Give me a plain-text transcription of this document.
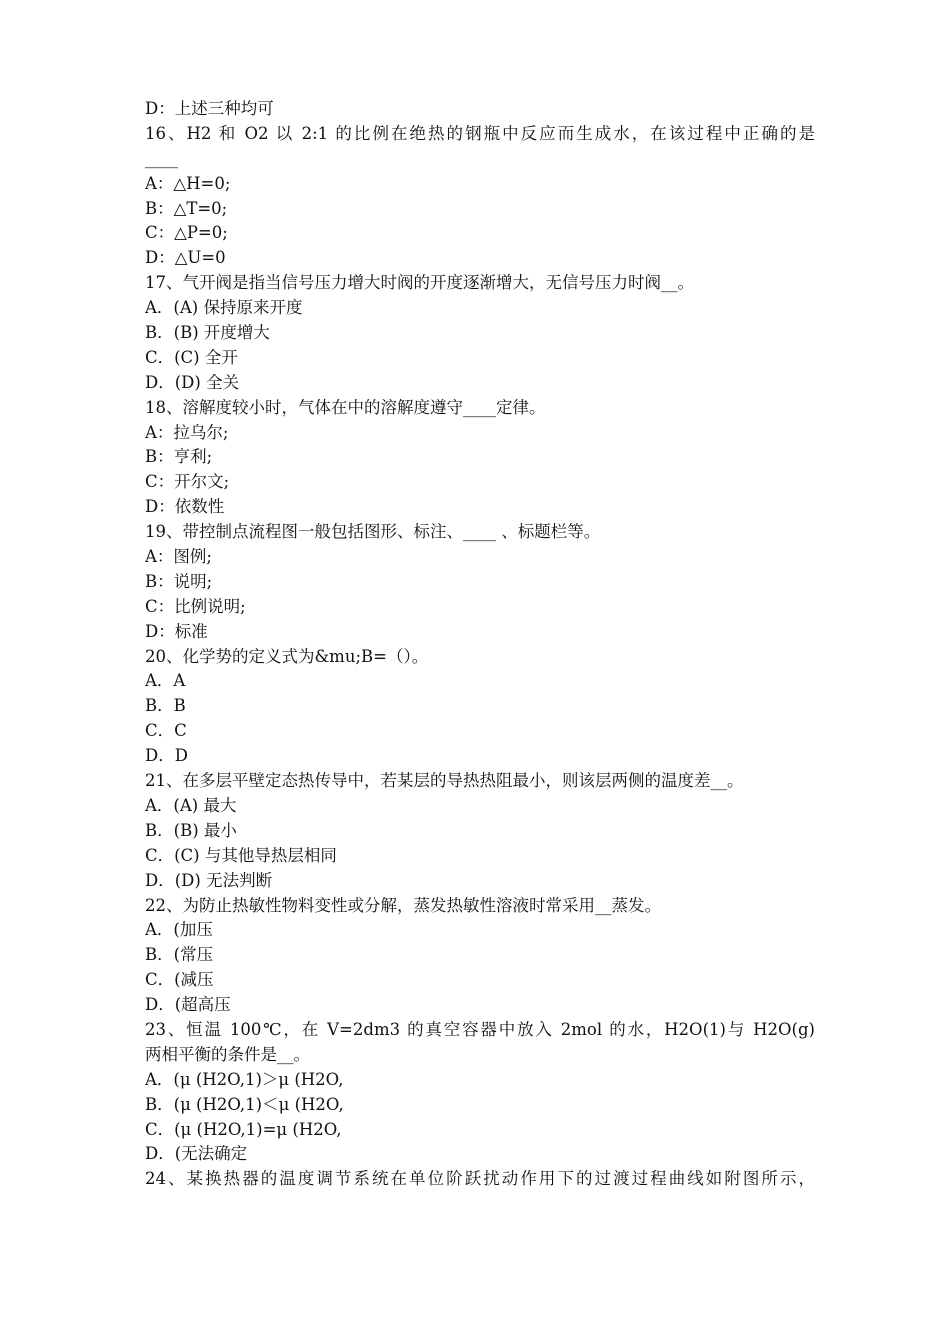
D：上述三种均可
16、H2 和 O2 以 2:1 的比例在绝热的钢瓶中反应而生成水，在该过程中正确的是
____
A：△H=0;
B：△T=0;
C：△P=0;
D：△U=0
17、气开阀是指当信号压力增大时阀的开度逐渐增大，无信号压力时阀__。
A．(A) 保持原来开度
B．(B) 开度增大
C．(C) 全开
D．(D) 全关
18、溶解度较小时，气体在中的溶解度遵守____定律。
A：拉乌尔;
B：亨利;
C：开尔文;
D：依数性
19、带控制点流程图一般包括图形、标注、____ 、标题栏等。
A：图例;
B：说明;
C：比例说明;
D：标准
20、化学势的定义式为&mu;B=（）。
A．A
B．B
C．C
D．D
21、在多层平壁定态热传导中，若某层的导热热阻最小，则该层两侧的温度差__。
A．(A) 最大
B．(B) 最小
C．(C) 与其他导热层相同
D．(D) 无法判断
22、为防止热敏性物料变性或分解，蒸发热敏性溶液时常采用__蒸发。
A．(加压
B．(常压
C．(减压
D．(超高压
23、恒温 100℃，在 V=2dm3 的真空容器中放入 2mol 的水，H2O(1)与 H2O(g)
两相平衡的条件是__。
A．(μ (H2O,1)＞μ (H2O,
B．(μ (H2O,1)＜μ (H2O,
C．(μ (H2O,1)=μ (H2O,
D．(无法确定
24、某换热器的温度调节系统在单位阶跃扰动作用下的过渡过程曲线如附图所示，
